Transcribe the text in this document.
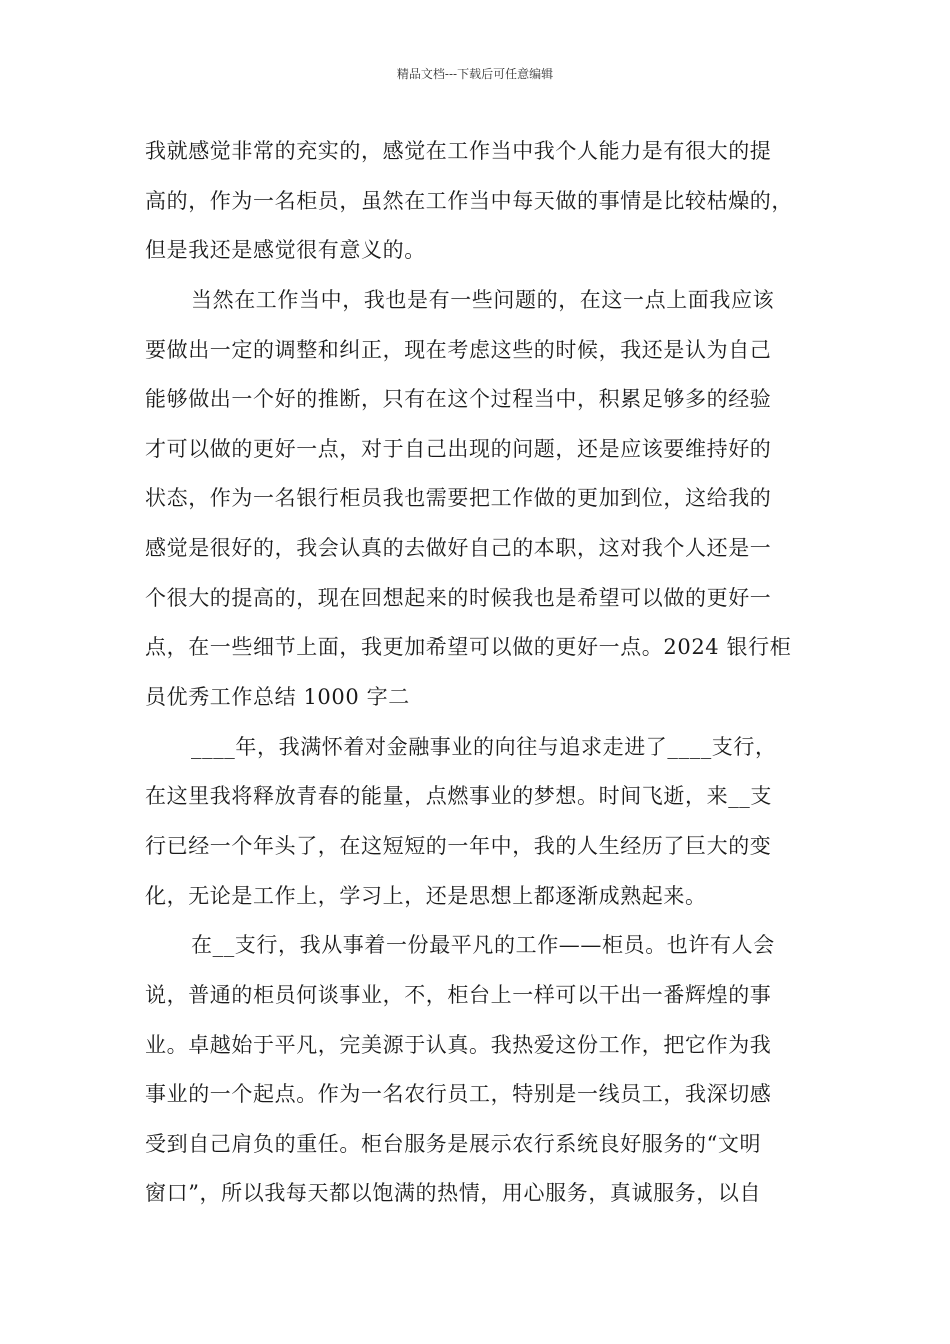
精品文档---下载后可任意编辑
我就感觉非常的充实的，感觉在工作当中我个人能力是有很大的提
高的，作为一名柜员，虽然在工作当中每天做的事情是比较枯燥的，
但是我还是感觉很有意义的。
当然在工作当中，我也是有一些问题的，在这一点上面我应该
要做出一定的调整和纠正，现在考虑这些的时候，我还是认为自己
能够做出一个好的推断，只有在这个过程当中，积累足够多的经验
才可以做的更好一点，对于自己出现的问题，还是应该要维持好的
状态，作为一名银行柜员我也需要把工作做的更加到位，这给我的
感觉是很好的，我会认真的去做好自己的本职，这对我个人还是一
个很大的提高的，现在回想起来的时候我也是希望可以做的更好一
点，在一些细节上面，我更加希望可以做的更好一点。2024 银行柜
员优秀工作总结 1000 字二
____年，我满怀着对金融事业的向往与追求走进了____支行，
在这里我将释放青春的能量，点燃事业的梦想。时间飞逝，来__支
行已经一个年头了，在这短短的一年中，我的人生经历了巨大的变
化，无论是工作上，学习上，还是思想上都逐渐成熟起来。
在__支行，我从事着一份最平凡的工作——柜员。也许有人会
说，普通的柜员何谈事业，不，柜台上一样可以干出一番辉煌的事
业。卓越始于平凡，完美源于认真。我热爱这份工作，把它作为我
事业的一个起点。作为一名农行员工，特别是一线员工，我深切感
受到自己肩负的重任。柜台服务是展示农行系统良好服务的“文明
窗口”，所以我每天都以饱满的热情，用心服务，真诚服务，以自
